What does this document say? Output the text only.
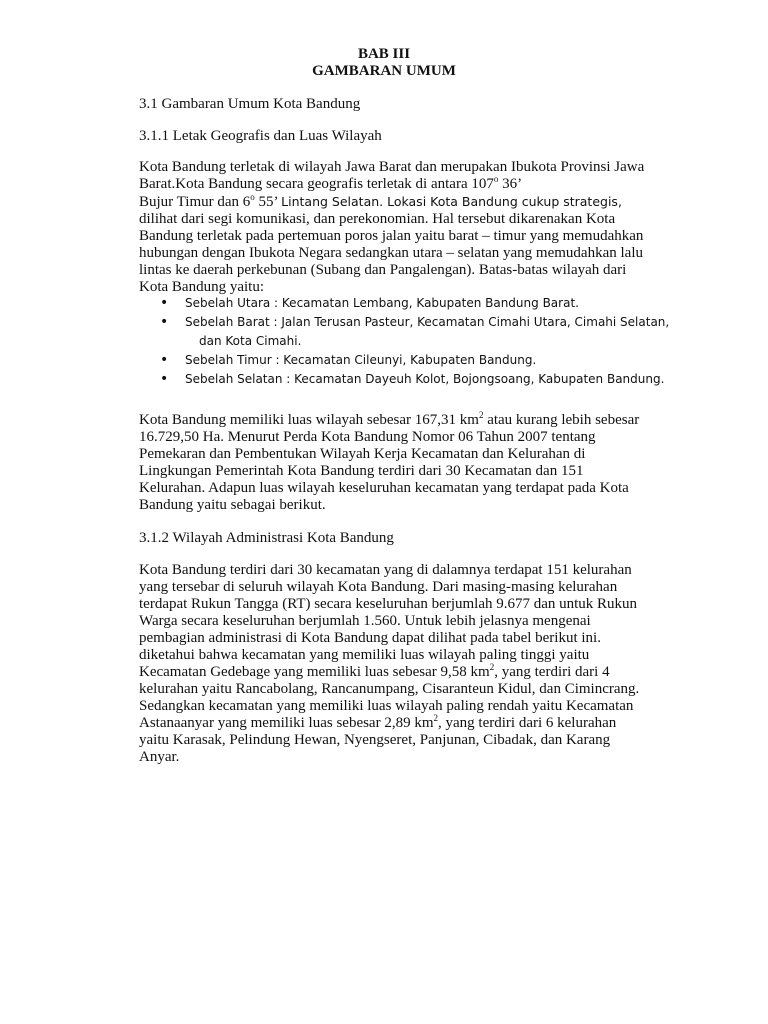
BAB III
GAMBARAN UMUM
3.1 Gambaran Umum Kota Bandung
3.1.1 Letak Geografis dan Luas Wilayah
Kota Bandung terletak di wilayah Jawa Barat dan merupakan Ibukota Provinsi Jawa
Barat.Kota Bandung secara geografis terletak di antara 107$^o$ 36’
Bujur Timur dan 6$^o$ 55’ Lintang Selatan. Lokasi Kota Bandung cukup strategis,
dilihat dari segi komunikasi, dan perekonomian. Hal tersebut dikarenakan Kota
Bandung terletak pada pertemuan poros jalan yaitu barat – timur yang memudahkan
hubungan dengan Ibukota Negara sedangkan utara – selatan yang memudahkan lalu
lintas ke daerah perkebunan (Subang dan Pangalengan). Batas-batas wilayah dari
Kota Bandung yaitu:
• Sebelah Utara : Kecamatan Lembang, Kabupaten Bandung Barat.
• Sebelah Barat : Jalan Terusan Pasteur, Kecamatan Cimahi Utara, Cimahi Selatan,
dan Kota Cimahi.
• Sebelah Timur : Kecamatan Cileunyi, Kabupaten Bandung.
• Sebelah Selatan : Kecamatan Dayeuh Kolot, Bojongsoang, Kabupaten Bandung.
Kota Bandung memiliki luas wilayah sebesar 167,31 $km^2$ atau kurang lebih sebesar
16.729,50 Ha. Menurut Perda Kota Bandung Nomor 06 Tahun 2007 tentang
Pemekaran dan Pembentukan Wilayah Kerja Kecamatan dan Kelurahan di
Lingkungan Pemerintah Kota Bandung terdiri dari 30 Kecamatan dan 151
Kelurahan. Adapun luas wilayah keseluruhan kecamatan yang terdapat pada Kota
Bandung yaitu sebagai berikut.
3.1.2 Wilayah Administrasi Kota Bandung
Kota Bandung terdiri dari 30 kecamatan yang di dalamnya terdapat 151 kelurahan
yang tersebar di seluruh wilayah Kota Bandung. Dari masing-masing kelurahan
terdapat Rukun Tangga (RT) secara keseluruhan berjumlah 9.677 dan untuk Rukun
Warga secara keseluruhan berjumlah 1.560. Untuk lebih jelasnya mengenai
pembagian administrasi di Kota Bandung dapat dilihat pada tabel berikut ini.
diketahui bahwa kecamatan yang memiliki luas wilayah paling tinggi yaitu
Kecamatan Gedebage yang memiliki luas sebesar 9,58 $km^2$, yang terdiri dari 4
kelurahan yaitu Rancabolang, Rancanumpang, Cisaranteun Kidul, dan Cimincrang.
Sedangkan kecamatan yang memiliki luas wilayah paling rendah yaitu Kecamatan
Astanaanyar yang memiliki luas sebesar 2,89 $km^2$, yang terdiri dari 6 kelurahan
yaitu Karasak, Pelindung Hewan, Nyengseret, Panjunan, Cibadak, dan Karang
Anyar.
